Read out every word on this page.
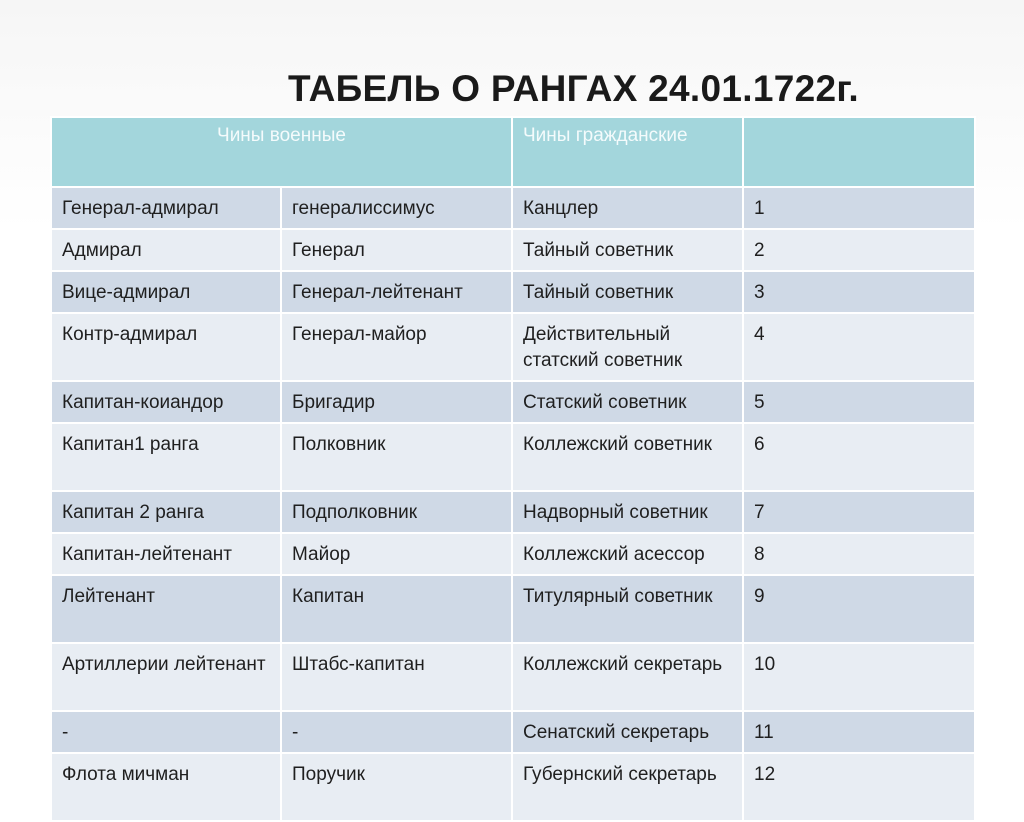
ТАБЕЛЬ О РАНГАХ 24.01.1722г.
Чины военные		Чины гражданские	
Генерал-адмирал	генералиссимус	Канцлер	1
Адмирал	Генерал	Тайный советник	2
Вице-адмирал	Генерал-лейтенант	Тайный советник	3
Контр-адмирал	Генерал-майор	Действительный статский советник	4
Капитан-коиандор	Бригадир	Статский советник	5
Капитан1 ранга	Полковник	Коллежский советник	6
Капитан 2 ранга	Подполковник	Надворный советник	7
Капитан-лейтенант	Майор	Коллежский асессор	8
Лейтенант	Капитан	Титулярный советник	9
Артиллерии лейтенант	Штабс-капитан	Коллежский секретарь	10
-	-	Сенатский секретарь	11
Флота мичман	Поручик	Губернский секретарь	12
